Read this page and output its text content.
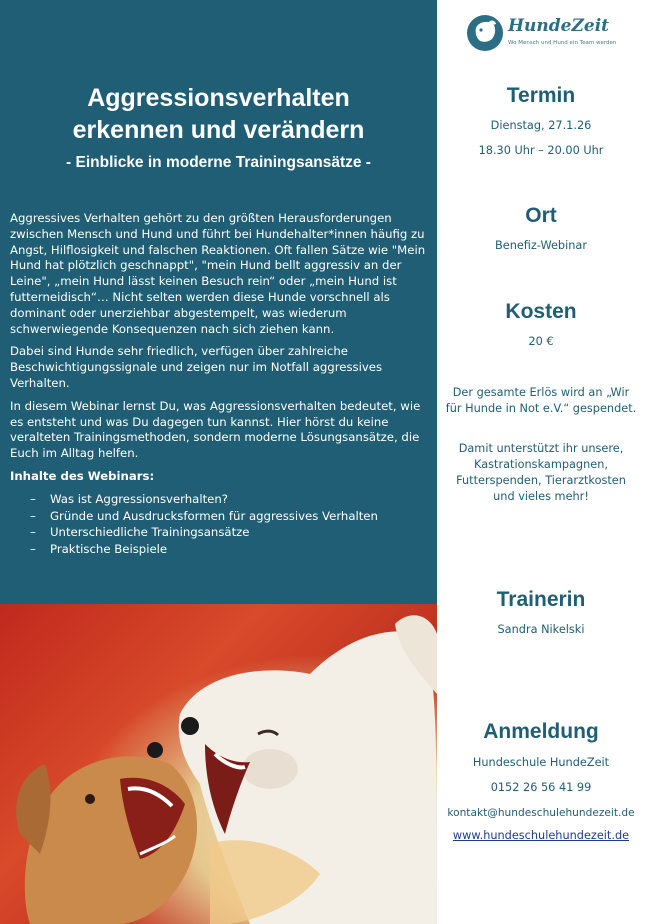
Aggressionsverhalten
erkennen und verändern
- Einblicke in moderne Trainingsansätze -

Aggressives Verhalten gehört zu den größten Herausforderungen zwischen Mensch und Hund und führt bei Hundehalter*innen häufig zu Angst, Hilflosigkeit und falschen Reaktionen. Oft fallen Sätze wie "Mein Hund hat plötzlich geschnappt", "mein Hund bellt aggressiv an der Leine", „mein Hund lässt keinen Besuch rein“ oder „mein Hund ist futterneidisch“… Nicht selten werden diese Hunde vorschnell als dominant oder unerziehbar abgestempelt, was wiederum schwerwiegende Konsequenzen nach sich ziehen kann.

Dabei sind Hunde sehr friedlich, verfügen über zahlreiche Beschwichtigungssignale und zeigen nur im Notfall aggressives Verhalten.

In diesem Webinar lernst Du, was Aggressionsverhalten bedeutet, wie es entsteht und was Du dagegen tun kannst. Hier hörst du keine veralteten Trainingsmethoden, sondern moderne Lösungsansätze, die Euch im Alltag helfen.

Inhalte des Webinars:
– Was ist Aggressionsverhalten?
– Gründe und Ausdrucksformen für aggressives Verhalten
– Unterschiedliche Trainingsansätze
– Praktische Beispiele
HundeZeit
Wo Mensch und Hund ein Team werden
Termin
Dienstag, 27.1.26
18.30 Uhr – 20.00 Uhr
Ort
Benefiz-Webinar
Kosten
20 €
Der gesamte Erlös wird an „Wir für Hunde in Not e.V.“ gespendet.
Damit unterstützt ihr unsere, Kastrationskampagnen, Futterspenden, Tierarztkosten und vieles mehr!
Trainerin
Sandra Nikelski
Anmeldung
Hundeschule HundeZeit
0152 26 56 41 99
kontakt@hundeschulehundezeit.de
www.hundeschulehundezeit.de
